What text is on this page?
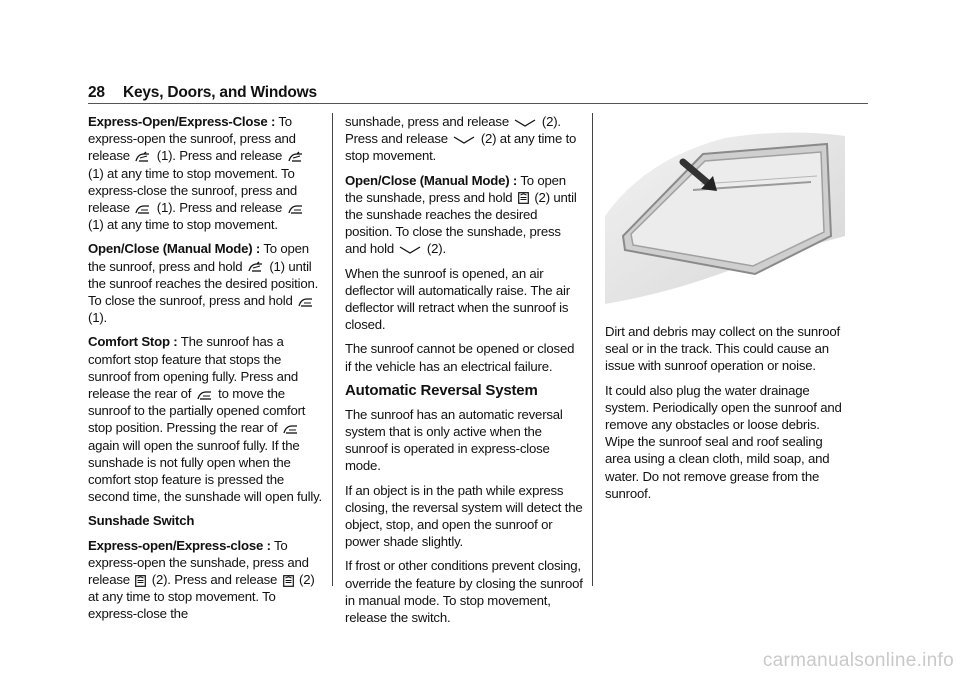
28 Keys, Doors, and Windows

Express-Open/Express-Close : To express-open the sunroof, press and release
(1). Press and release
(1) at any time to stop movement. To express-close the sunroof, press and release
(1). Press and release
(1) at any time to stop movement.

Open/Close (Manual Mode) : To open the sunroof, press and hold
(1) until the sunroof reaches the desired position. To close the sunroof, press and hold
(1).

Comfort Stop : The sunroof has a comfort stop feature that stops the sunroof from opening fully. Press and release the rear of
to move the sunroof to the partially opened comfort stop position. Pressing the rear of
again will open the sunroof fully. If the sunshade is not fully open when the comfort stop feature is pressed the second time, the sunshade will open fully.

Sunshade Switch

Express-open/Express-close : To express-open the sunshade, press and release
(2). Press and release
(2) at any time to stop movement. To express-close the

sunshade, press and release
(2). Press and release
(2) at any time to stop movement.

Open/Close (Manual Mode) : To open the sunshade, press and hold
(2) until the sunshade reaches the desired position. To close the sunshade, press and hold
(2).

When the sunroof is opened, an air deflector will automatically raise. The air deflector will retract when the sunroof is closed.

The sunroof cannot be opened or closed if the vehicle has an electrical failure.

Automatic Reversal System

The sunroof has an automatic reversal system that is only active when the sunroof is operated in express-close mode.

If an object is in the path while express closing, the reversal system will detect the object, stop, and open the sunroof or power shade slightly.

If frost or other conditions prevent closing, override the feature by closing the sunroof in manual mode. To stop movement, release the switch.

Dirt and debris may collect on the sunroof seal or in the track. This could cause an issue with sunroof operation or noise.

It could also plug the water drainage system. Periodically open the sunroof and remove any obstacles or loose debris. Wipe the sunroof seal and roof sealing area using a clean cloth, mild soap, and water. Do not remove grease from the sunroof.

carmanualsonline.info
